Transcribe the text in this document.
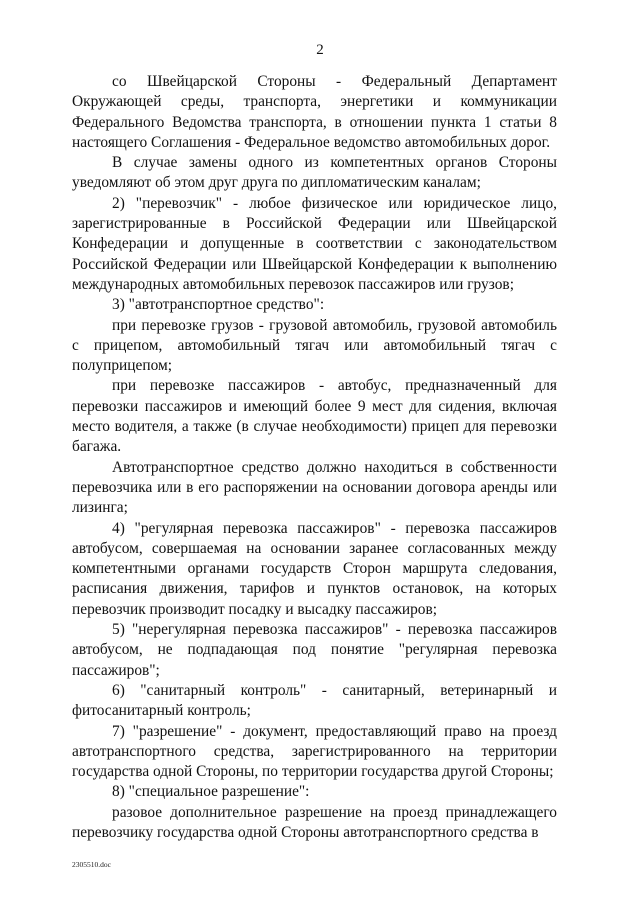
2

со Швейцарской Стороны - Федеральный Департамент Окружающей среды, транспорта, энергетики и коммуникации Федерального Ведомства транспорта, в отношении пункта 1 статьи 8 настоящего Соглашения - Федеральное ведомство автомобильных дорог.

В случае замены одного из компетентных органов Стороны уведомляют об этом друг друга по дипломатическим каналам;

2) "перевозчик" - любое физическое или юридическое лицо, зарегистрированные в Российской Федерации или Швейцарской Конфедерации и допущенные в соответствии с законодательством Российской Федерации или Швейцарской Конфедерации к выполнению международных автомобильных перевозок пассажиров или грузов;

3) "автотранспортное средство":

при перевозке грузов - грузовой автомобиль, грузовой автомобиль с прицепом, автомобильный тягач или автомобильный тягач с полуприцепом;

при перевозке пассажиров - автобус, предназначенный для перевозки пассажиров и имеющий более 9 мест для сидения, включая место водителя, а также (в случае необходимости) прицеп для перевозки багажа.

Автотранспортное средство должно находиться в собственности перевозчика или в его распоряжении на основании договора аренды или лизинга;

4) "регулярная перевозка пассажиров" - перевозка пассажиров автобусом, совершаемая на основании заранее согласованных между компетентными органами государств Сторон маршрута следования, расписания движения, тарифов и пунктов остановок, на которых перевозчик производит посадку и высадку пассажиров;

5) "нерегулярная перевозка пассажиров" - перевозка пассажиров автобусом, не подпадающая под понятие "регулярная перевозка пассажиров";

6) "санитарный контроль" - санитарный, ветеринарный и фитосанитарный контроль;

7) "разрешение" - документ, предоставляющий право на проезд автотранспортного средства, зарегистрированного на территории государства одной Стороны, по территории государства другой Стороны;

8) "специальное разрешение":

разовое дополнительное разрешение на проезд принадлежащего перевозчику государства одной Стороны автотранспортного средства в

2305510.doc
